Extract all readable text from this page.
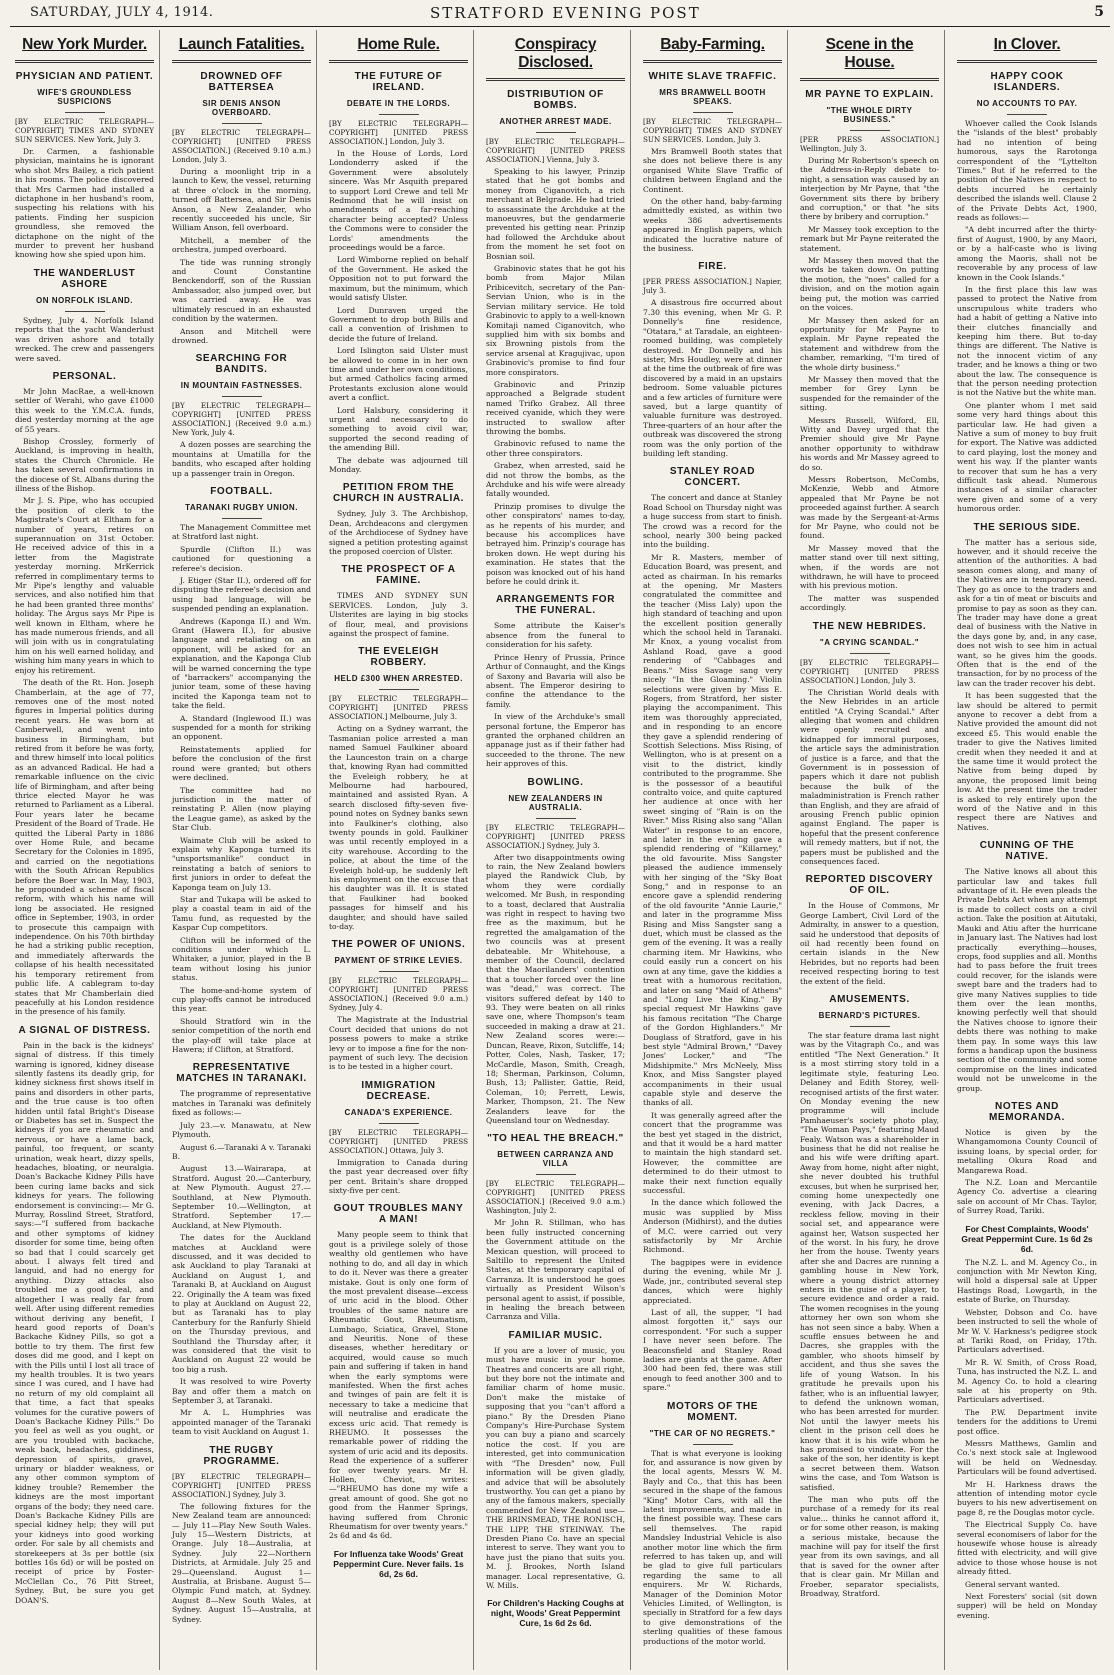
SATURDAY, JULY 4, 1914.	STRATFORD EVENING POST	5
New York Murder.
PHYSICIAN AND PATIENT.
WIFE'S GROUNDLESS SUSPICIONS
[BY ELECTRIC TELEGRAPH—COPYRIGHT] TIMES AND SYDNEY SUN SERVICES. New York, July 3.
Dr. Carmen, a fashionable physician, maintains he is ignorant who shot Mrs Bailey, a rich patient in his rooms. The police discovered that Mrs Carmen had installed a dictaphone in her husband's room, suspecting his relations with his patients. Finding her suspicion groundless, she removed the dictaphone on the night of the murder to prevent her husband knowing how she spied upon him.
THE WANDERLUST ASHORE
ON NORFOLK ISLAND.
Sydney, July 4. Norfolk Island reports that the yacht Wanderlust was driven ashore and totally wrecked. The crew and passengers were saved.
PERSONAL.
Mr John MacRae, a well-known settler of Werahi, who gave £1000 this week to the Y.M.C.A. funds, died yesterday morning at the age of 55 years.
Bishop Crossley, formerly of Auckland, is improving in health, states the Church Chronicle. He has taken several confirmations in the diocese of St. Albans during the illness of the Bishop.
Mr J. S. Pipe, who has occupied the position of clerk to the Magistrate's Court at Eltham for a number of years, retires on superannuation on 31st October. He received advice of this in a letter from the Magistrate yesterday morning. MrKerrick referred in complimentary terms to Mr Pipe's lengthy and valuable services, and also notified him that he had been granted three months' holiday. The Argus says Mr Pipe is well known in Eltham, where he has made numerous friends, and all will join with us in congratulating him on his well earned holiday, and wishing him many years in which to enjoy his retirement.
The death of the Rt. Hon. Joseph Chamberlain, at the age of 77, removes one of the most noted figures in Imperial politics during recent years. He was born at Camberwell, and went into business in Birmingham, but retired from it before he was forty, and threw himself into local politics as an advanced Radical. He had a remarkable influence on the civic life of Birmingham, and after being thrice elected Mayor he was returned to Parliament as a Liberal. Four years later he became President of the Board of Trade. He quitted the Liberal Party in 1886 over Home Rule, and became Secretary for the Colonies in 1895, and carried on the negotiations with the South African Republics before the Boer war. In May, 1903, he propounded a scheme of fiscal reform, with which his name will long be associated. He resigned office in September, 1903, in order to prosecute this campaign with independence. On his 70th birthday he had a striking public reception, and immediately afterwards the collapse of his health necessitated his temporary retirement from public life. A cablegram to-day states that Mr Chamberlain died peacefully at his London residence in the presence of his family.
A SIGNAL OF DISTRESS.
Pain in the back is the kidneys' signal of distress. If this timely warning is ignored, kidney disease silently fastens its deadly grip, for kidney sickness first shows itself in pains and disorders in other parts, and the true cause is too often hidden until fatal Bright's Disease or Diabetes has set in. Suspect the kidneys if you are rheumatic and nervous, or have a lame back, painful, too frequent, or scanty urination, weak heart, dizzy spells, headaches, bloating, or neuralgia. Doan's Backache Kidney Pills have been curing lame backs and sick kidneys for years. The following endorsement is convincing:— Mr G. Murray, Rosslind Street, Stratford, says:—"I suffered from backache and other symptoms of kidney disorder for some time, being often so bad that I could scarcely get about. I always felt tired and languid, and had no energy for anything. Dizzy attacks also troubled me a good deal, and altogether I was really far from well. After using different remedies without deriving any benefit, I heard good reports of Doan's Backache Kidney Pills, so got a bottle to try them. The first few doses did me good, and I kept on with the Pills until I lost all trace of my health troubles. It is two years since I was cured, and I have had no return of my old complaint all that time, a fact that speaks volumes for the curative powers of Doan's Backache Kidney Pills." Do you feel as well as you ought, or are you troubled with backache, weak back, headaches, giddiness, depression of spirits, gravel, urinary or bladder weakness, or any other common symptom of kidney trouble? Remember the kidneys are the most important organs of the body; they need care. Doan's Backache Kidney Pills are special kidney help; they will put your kidneys into good working order. For sale by all chemists and storekeepers at 3s per bottle (six bottles 16s 6d) or will be posted on receipt of price by Foster-McClellan Co., 76 Pitt Street, Sydney. But, be sure you get DOAN'S.
Launch Fatalities.
DROWNED OFF BATTERSEA
SIR DENIS ANSON OVERBOARD.
[BY ELECTRIC TELEGRAPH—COPYRIGHT] [UNITED PRESS ASSOCIATION.] (Received 9.10 a.m.) London, July 3.
During a moonlight trip in a launch to Kew, the vessel, returning at three o'clock in the morning, turned off Battersea, and Sir Denis Anson, a New Zealander, who recently succeeded his uncle, Sir William Anson, fell overboard.
Mitchell, a member of the orchestra, jumped overboard.
The tide was running strongly and Count Constantine Benckendorff, son of the Russian Ambassador, also jumped over, but was carried away. He was ultimately rescued in an exhausted condition by the watermen.
Anson and Mitchell were drowned.
SEARCHING FOR BANDITS.
IN MOUNTAIN FASTNESSES.
[BY ELECTRIC TELEGRAPH—COPYRIGHT] [UNITED PRESS ASSOCIATION.] (Received 9.0 a.m.) New York, July 4.
A dozen posses are searching the mountains at Umatilla for the bandits, who escaped after holding up a passenger train in Oregon.
FOOTBALL.
TARANAKI RUGBY UNION.
The Management Committee met at Stratford last night.
Spurdle (Clifton II.) was cautioned for questioning a referee's decision.
J. Etiger (Star II.), ordered off for disputing the referee's decision and using bad language, will be suspended pending an explanation.
Andrews (Kaponga II.) and Wm. Grant (Hawera II.), for abusive language and retaliating on an opponent, will be asked for an explanation, and the Kaponga Club will be warned concerning the type of "barrackers" accompanying the junior team, some of these having incited the Kaponga team not to take the field.
A. Standard (Inglewood II.) was suspended for a month for striking an opponent.
Reinstatements applied for before the conclusion of the first round were granted; but others were declined.
The committee had no jurisdiction in the matter of reinstating P. Allen (now playing the League game), as asked by the Star Club.
Waimate Club will be asked to explain why Kaponga turned its "unsportsmanlike" conduct in reinstating a batch of seniors to first juniors in order to defeat the Kaponga team on July 13.
Star and Tukapa will be asked to play a coastal team in aid of the Tamu fund, as requested by the Kaspar Cup competitors.
Clifton will be informed of the conditions under which L. Whitaker, a junior, played in the B team without losing his junior status.
The home-and-home system of cup play-offs cannot be introduced this year.
Should Stratford win in the senior competition of the north end the play-off will take place at Hawera; if Clifton, at Stratford.
REPRESENTATIVE MATCHES IN TARANAKI.
The programme of representative matches in Taranaki was definitely fixed as follows:—
July 23.—v. Manawatu, at New Plymouth.
August 6.—Taranaki A v. Taranaki B.
August 13.—Wairarapa, at Stratford. August 20.—Canterbury, at New Plymouth. August 27.—Southland, at New Plymouth. September 10.—Wellington, at Stratford. September 17.—Auckland, at New Plymouth.
The dates for the Auckland matches at Auckland were discussed, and it was decided to ask Auckland to play Taranaki at Auckland on August 1, and Taranaki B, at Auckland on August 22. Originally the A team was fixed to play at Auckland on August 22, but as Taranaki has to play Canterbury for the Ranfurly Shield on the Thursday previous, and Southland the Thursday after, it was considered that the visit to Auckland on August 22 would be too big a rush.
It was resolved to wire Poverty Bay and offer them a match on September 3, at Taranaki.
Mr A. L. Humphries was appointed manager of the Taranaki team to visit Auckland on August 1.
THE RUGBY PROGRAMME.
[BY ELECTRIC TELEGRAPH—COPYRIGHT] [UNITED PRESS ASSOCIATION.] Sydney, July 3.
The following fixtures for the New Zealand team are announced:— July 11—Play New South Wales. July 15—Western Districts, at Orange. July 18—Australia, at Sydney. July 22—Northern Districts, at Armidale. July 25 and 29—Queensland. August 1—Australia, at Brisbane. August 5—Olympic Fund match, at Sydney. August 8—New South Wales, at Sydney. August 15—Australia, at Sydney.
Home Rule.
THE FUTURE OF IRELAND.
DEBATE IN THE LORDS.
[BY ELECTRIC TELEGRAPH—COPYRIGHT] [UNITED PRESS ASSOCIATION.] London, July 3.
In the House of Lords, Lord Londonderry asked if the Government were absolutely sincere. Was Mr Asquith prepared to support Lord Crewe and tell Mr Redmond that he will insist on amendments of a far-reaching character being accepted? Unless the Commons were to consider the Lords' amendments the proceedings would be a farce.
Lord Wimborne replied on behalf of the Government. He asked the Opposition not to put forward the maximum, but the minimum, which would satisfy Ulster.
Lord Dunraven urged the Government to drop both Bills and call a convention of Irishmen to decide the future of Ireland.
Lord Islington said Ulster must be allowed to come in in her own time and under her own conditions, but armed Catholics facing armed Protestants exclusion alone would avert a conflict.
Lord Halsbury, considering it urgent and necessary to do something to avoid civil war, supported the second reading of the amending Bill.
The debate was adjourned till Monday.
PETITION FROM THE CHURCH IN AUSTRALIA.
Sydney, July 3. The Archbishop, Dean, Archdeacons and clergymen of the Archdiocese of Sydney have signed a petition protesting against the proposed coercion of Ulster.
THE PROSPECT OF A FAMINE.
TIMES AND SYDNEY SUN SERVICES. London, July 3. Ulsterites are laying in big stocks of flour, meal, and provisions against the prospect of famine.
THE EVELEIGH ROBBERY.
HELD £300 WHEN ARRESTED.
[BY ELECTRIC TELEGRAPH—COPYRIGHT] [UNITED PRESS ASSOCIATION.] Melbourne, July 3.
Acting on a Sydney warrant, the Tasmanian police arrested a man named Samuel Faulkiner aboard the Launceston train on a charge that, knowing Ryan had committed the Eveleigh robbery, he at Melbourne had harboured, maintained and assisted Ryan. A search disclosed fifty-seven five-pound notes on Sydney banks sewn into Faulkiner's clothing, also twenty pounds in gold. Faulkiner was until recently employed in a city warehouse. According to the police, at about the time of the Eveleigh hold-up, he suddenly left his employment on the excuse that his daughter was ill. It is stated that Faulkiner had booked passages for himself and his daughter, and should have sailed to-day.
THE POWER OF UNIONS.
PAYMENT OF STRIKE LEVIES.
[BY ELECTRIC TELEGRAPH—COPYRIGHT] [UNITED PRESS ASSOCIATION.] (Received 9.0 a.m.) Sydney, July 4.
The Magistrate at the Industrial Court decided that unions do not possess powers to make a strike levy or to impose a fine for the non-payment of such levy. The decision is to be tested in a higher court.
IMMIGRATION DECREASE.
CANADA'S EXPERIENCE.
[BY ELECTRIC TELEGRAPH—COPYRIGHT] [UNITED PRESS ASSOCIATION.] Ottawa, July 3.
Immigration to Canada during the past year decreased over fifty per cent. Britain's share dropped sixty-five per cent.
GOUT TROUBLES MANY A MAN!
Many people seem to think that gout is a privilege solely of those wealthy old gentlemen who have nothing to do, and all day in which to do it. Never was there a greater mistake. Gout is only one form of the most prevalent disease—excess of uric acid in the blood. Other troubles of the same nature are Rheumatic Gout, Rheumatism, Lumbago, Sciatica, Gravel, Stone and Neuritis. None of these diseases, whether hereditary or acquired, would cause so much pain and suffering if taken in hand when the early symptoms were manifested. When the first aches and twinges of pain are felt it is necessary to take a medicine that will neutralise and eradicate the excess uric acid. That remedy is RHEUMO. It possesses the remarkable power of ridding the system of uric acid and its deposits. Read the experience of a sufferer for over twenty years. Mr H. Hollen, Cheviot, writes:—"RHEUMO has done my wife a great amount of good. She got no good from the Hanmer Springs, having suffered from Chronic Rheumatism for over twenty years." 2s 6d and 4s 6d.
For Influenza take Woods' Great Peppermint Cure. Never fails. 1s 6d, 2s 6d.
Conspiracy Disclosed.
DISTRIBUTION OF BOMBS.
ANOTHER ARREST MADE.
[BY ELECTRIC TELEGRAPH—COPYRIGHT] [UNITED PRESS ASSOCIATION.] Vienna, July 3.
Speaking to his lawyer, Prinzip stated that he got bombs and money from Ciganovitch, a rich merchant at Belgrade. He had tried to assassinate the Archduke at the manoeuvres, but the gendarmerie prevented his getting near. Prinzip had followed the Archduke about from the moment he set foot on Bosnian soil.
Grabinovic states that he got his bomb from Major Milan Pribicevitch, secretary of the Pan-Servian Union, who is in the Servian military service. He told Grabinovic to apply to a well-known Komitaji named Ciganovitch, who supplied him with six bombs and six Browning pistols from the service arsenal at Kragujivac, upon Grabinovic's promise to find four more conspirators.
Grabinovic and Prinzip approached a Belgrade student named Trifko Grabez. All three received cyanide, which they were instructed to swallow after throwing the bombs.
Grabinovic refused to name the other three conspirators.
Grabez, when arrested, said he did not throw the bombs, as the Archduke and his wife were already fatally wounded.
Prinzip promises to divulge the other conspirators' names to-day, as he repents of his murder, and because his accomplices have betrayed him. Prinzip's courage has broken down. He wept during his examination. He states that the poison was knocked out of his hand before he could drink it.
ARRANGEMENTS FOR THE FUNERAL.
Some attribute the Kaiser's absence from the funeral to consideration for his safety.
Prince Henry of Prussia, Prince Arthur of Connaught, and the Kings of Saxony and Bavaria will also be absent. The Emperor desiring to confine the attendance to the family.
In view of the Archduke's small personal fortune, the Emperor has granted the orphaned children an appanage just as if their father had succeeded to the throne. The new heir approves of this.
BOWLING.
NEW ZEALANDERS IN AUSTRALIA.
[BY ELECTRIC TELEGRAPH—COPYRIGHT] [UNITED PRESS ASSOCIATION.] Sydney, July 3.
After two disappointments owing to rain, the New Zealand bowlers played the Randwick Club, by whom they were cordially welcomed. Mr Bush, in responding to a toast, declared that Australia was right in respect to having two free as the maximum, but he regretted the amalgamation of the two councils was at present debateable. Mr Whitehouse, a member of the Council, declared that the Maorilanders' contention that a toucher forced over the line was "dead," was correct. The visitors suffered defeat by 140 to 93. They were beaten on all rinks save one, where Thompson's team succeeded in making a draw at 21. New Zealand scores were:—Duncan, Reave, Rixon, Sutcliffe, 14; Potter, Coles, Nash, Tasker, 17; McCardle, Mason, Smith, Creagh, 18; Sherman, Parkinson, Column, Bush, 13; Pallister, Gattie, Reid, Coleman, 10; Perrett, Lewis, Marker, Thompson, 21. The New Zealanders leave for the Queensland tour on Wednesday.
"TO HEAL THE BREACH."
BETWEEN CARRANZA AND VILLA
[BY ELECTRIC TELEGRAPH—COPYRIGHT] [UNITED PRESS ASSOCIATION.] (Received 9.0 a.m.) Washington, July 2.
Mr John R. Stillman, who has been fully instructed concerning the Government attitude on the Mexican question, will proceed to Saltillo to represent the United States, at the temporary capital of Carranza. It is understood he goes virtually as President Wilson's personal agent to assist, if possible, in healing the breach between Carranza and Villa.
FAMILIAR MUSIC.
If you are a lover of music, you must have music in your home. Theatres and concerts are all right, but they bore not the intimate and familiar charm of home music. Don't make the mistake of supposing that you "can't afford a piano." By the Dresden Piano Company's Hire-Purchase System you can buy a piano and scarcely notice the cost. If you are interested, get into communication with "The Dresden" now, Full information will be given gladly, and advice that will be absolutely trustworthy. You can get a piano by any of the famous makers, specially commended for New Zealand use—THE BRINSMEAD, THE RONISCH, THE LIPP, THE STEINWAY. The Dresden Piano Co. have an special interest to serve. They want you to have just the piano that suits you. M. J. Brookes, North Island manager. Local representative, G. W. Mills.
For Children's Hacking Coughs at night, Woods' Great Peppermint Cure, 1s 6d 2s 6d.
Baby-Farming.
WHITE SLAVE TRAFFIC.
MRS BRAMWELL BOOTH SPEAKS.
[BY ELECTRIC TELEGRAPH—COPYRIGHT] TIMES AND SYDNEY SUN SERVICES. London, July 3.
Mrs Bramwell Booth states that she does not believe there is any organised White Slave Traffic of children between England and the Continent.
On the other hand, baby-farming admittedly existed, as within two weeks 386 advertisements appeared in English papers, which indicated the lucrative nature of the business.
FIRE.
[PER PRESS ASSOCIATION.] Napier, July 3.
A disastrous fire occurred about 7.30 this evening, when Mr G. P. Donnelly's fine residence, "Otatara," at Taradale, an eighteen-roomed building, was completely destroyed. Mr Donnelly and his sister, Mrs Houdley, were at dinner at the time the outbreak of fire was discovered by a maid in an upstairs bedroom. Some valuable pictures and a few articles of furniture were saved, but a large quantity of valuable furniture was destroyed. Three-quarters of an hour after the outbreak was discovered the strong room was the only portion of the building left standing.
STANLEY ROAD CONCERT.
The concert and dance at Stanley Road School on Thursday night was a huge success from start to finish. The crowd was a record for the school, nearly 300 being packed into the building.
Mr R. Masters, member of Education Board, was present, and acted as chairman. In his remarks at the opening, Mr Masters congratulated the committee and the teacher (Miss Laly) upon the high standard of teaching and upon the excellent position generally which the school held in Taranaki. Mr Knox, a young vocalist from Ashland Road, gave a good rendering of "Cabbages and Beans." Miss Savage sang very nicely "In the Gloaming." Violin selections were given by Miss E. Rogers, from Stratford, her sister playing the accompaniment. This item was thoroughly appreciated, and in responding to an encore they gave a splendid rendering of Scottish Selections. Miss Rising, of Wellington, who is at present on a visit to the district, kindly contributed to the programme. She is the possessor of a beautiful contralto voice, and quite captured her audience at once with her sweet singing of "Rain is on the River." Miss Rising also sang "Allan Water" in response to an encore, and later in the evening gave a splendid rendering of "Killarney," the old favourite. Miss Sangster pleased the audience immensely with her singing of the "Sky Boat Song," and in response to an encore gave a splendid rendering of the old favourite "Annie Laurie," and later in the programme Miss Rising and Miss Sangster sang a duet, which must be classed as the gem of the evening. It was a really charming item. Mr Hawkins, who could easily run a concert on his own at any time, gave the kiddies a treat with a humorous recitation, and later on sang "Maid of Athens" and "Long Live the King." By special request Mr Hawkins gave his famous recitation "The Charge of the Gordon Highlanders." Mr Douglass of Stratford, gave in his best style "Admiral Brown," "Davey Jones' Locker," and "The Midshipmite." Mrs McNeely, Miss Knox, and Miss Sangster played accompaniments in their usual capable style and deserve the thanks of all.
It was generally agreed after the concert that the programme was the best yet staged in the district, and that it would be a hard matter to maintain the high standard set. However, the committee are determined to do their utmost to make their next function equally successful.
In the dance which followed the music was supplied by Miss Anderson (Midhirst), and the duties of M.C. were carried out very satisfactorily by Mr Archie Richmond.
The bagpipes were in evidence during the evening, while Mr J. Wade, jnr., contributed several step dances, which were highly appreciated.
Last of all, the supper, "I had almost forgotten it," says our correspondent. "For such a supper I have never seen before. The Beaconsfield and Stanley Road ladies are giants at the game. After 300 had been fed, there was still enough to feed another 300 and to spare."
MOTORS OF THE MOMENT.
"THE CAR OF NO REGRETS."
That is what everyone is looking for, and assurance is now given by the local agents, Messrs W. M. Bayly and Co., that this has been secured in the shape of the famous "King" Motor Cars, with all the latest improvements, and made in the finest possible way. These cars sell themselves. The rapid Mandsley Industrial Vehicle is also another motor line which the firm referred to has taken up, and will be glad to give full particulars regarding the same to all enquirers. Mr W. Richards, Manager of the Dominion Motor Vehicles Limited, of Wellington, is specially in Stratford for a few days to give demonstrations of the sterling qualities of these famous productions of the motor world.
Scene in the House.
MR PAYNE TO EXPLAIN.
"THE WHOLE DIRTY BUSINESS."
[PER PRESS ASSOCIATION.] Wellington, July 3.
During Mr Robertson's speech on the Address-in-Reply debate to-night, a sensation was caused by an interjection by Mr Payne, that "the Government sits there by bribery and corruption," or that "he sits there by bribery and corruption."
Mr Massey took exception to the remark but Mr Payne reiterated the statement.
Mr Massey then moved that the words be taken down. On putting the motion, the "noes" called for a division, and on the motion again being put, the motion was carried on the voices.
Mr Massey then asked for an opportunity for Mr Payne to explain. Mr Payne repeated the statement and withdrew from the chamber, remarking, "I'm tired of the whole dirty business."
Mr Massey then moved that the member for Grey Lynn be suspended for the remainder of the sitting.
Messrs Russell, Wilford, Ell, Witty and Davey urged that the Premier should give Mr Payne another opportunity to withdraw his words and Mr Massey agreed to do so.
Messrs Robertson, McCombs, McKenzie, Webb and Atmore appealed that Mr Payne be not proceeded against further. A search was made by the Sergeant-at-Arms for Mr Payne, who could not be found.
Mr Massey moved that the matter stand over till next sitting, when, if the words are not withdrawn, he will have to proceed with his previous motion.
The matter was suspended accordingly.
THE NEW HEBRIDES.
"A CRYING SCANDAL."
[BY ELECTRIC TELEGRAPH—COPYRIGHT] [UNITED PRESS ASSOCIATION.] London, July 3.
The Christian World deals with the New Hebrides in an article entitled "A Crying Scandal." After alleging that women and children were openly recruited and kidnapped for immoral purposes, the article says the administration of justice is a farce, and that the Government is in possession of papers which it dare not publish because the bulk of the maladministration is French rather than English, and they are afraid of arousing French public opinion against England. The paper is hopeful that the present conference will remedy matters, but if not, the papers must be published and the consequences faced.
REPORTED DISCOVERY OF OIL.
In the House of Commons, Mr George Lambert, Civil Lord of the Admiralty, in answer to a question, said he understood that deposits of oil had recently been found on certain islands in the New Hebrides, but no reports had been received respecting boring to test the extent of the field.
AMUSEMENTS.
BERNARD'S PICTURES.
The star feature drama last night was by the Vitagraph Co., and was entitled "The Next Generation." It is a most stirring story told in a legitimate style, featuring Leo. Delaney and Edith Storey, well-recognised artists of the first water. On Monday evening the new programme will include Pamhaeuser's society photo play, "The Woman Pays," featuring Maud Fealy. Watson was a shareholder in business that he did not realise he and his wife were drifting apart. Away from home, night after night, she never doubted his truthful excuses, but when he surprised her, coming home unexpectedly one evening, with Jack Dacres, a reckless fellow, moving in their social set, and appearance were against her, Watson suspected her of the worst. In his fury, he drove her from the house. Twenty years after she and Dacres are running a gambling house in New York, where a young district attorney enters in the guise of a player, to secure evidence and order a raid. The women recognises in the young attorney her own son whom she has not seen since a baby. When a scuffle ensues between he and Dacres, she grapples with the gambler, who shoots himself by accident, and thus she saves the life of young Watson. In his gratitude he prevails upon his father, who is an influential lawyer, to defend the unknown woman, who has been arrested for murder. Not until the lawyer meets his client in the prison cell does he know that it is his wife whom he has promised to vindicate. For the sake of the son, her identity is kept a secret between them. Watson wins the case, and Tom Watson is satisfied.
The man who puts off the purchase of a remedy for its real value... thinks he cannot afford it, or for some other reason, is making a serious mistake, because the machine will pay for itself the first year from its own savings, and all that is saved for the owner after that is clear gain. Mr Millan and Froeber, separator specialists, Broadway, Stratford.
In Clover.
HAPPY COOK ISLANDERS.
NO ACCOUNTS TO PAY.
Whoever called the Cook Islands the "islands of the blest" probably had no intention of being humorous, says the Rarotonga correspondent of the "Lyttelton Times." But if he referred to the position of the Natives in respect to debts incurred he certainly described the islands well. Clause 2 of the Private Debts Act, 1900, reads as follows:—
"A debt incurred after the thirty-first of August, 1900, by any Maori, or by a half-caste who is living among the Maoris, shall not be recoverable by any process of law known in the Cook Islands."
In the first place this law was passed to protect the Native from unscrupulous white traders who had a habit of getting a Native into their clutches financially and keeping him there. But to-day things are different. The Native is not the innocent victim of any trader, and he knows a thing or two about the law. The consequence is that the person needing protection is not the Native but the white man.
One planter whom I met said some very hard things about this particular law. He had given a Native a sum of money to buy fruit for export. The Native was addicted to card playing, lost the money and went his way. If the planter wants to recover that sum he has a very difficult task ahead. Numerous instances of a similar character were given and some of a very humorous order.
THE SERIOUS SIDE.
The matter has a serious side, however, and it should receive the attention of the authorities. A bad season comes along, and many of the Natives are in temporary need. They go as once to the traders and ask for a tin of meat or biscuits and promise to pay as soon as they can. The trader may have done a great deal of business with the Native in the days gone by, and, in any case, does not wish to see him in actual want, so he gives him the goods. Often that is the end of the transaction, for by no process of the law can the trader recover his debt.
It has been suggested that the law should be altered to permit anyone to recover a debt from a Native provided the amount did not exceed £5. This would enable the trader to give the Natives limited credit when they needed it and at the same time it would protect the Native from being duped by anyone, the proposed limit being low. At the present time the trader is asked to rely entirely upon the word of the Native and in this respect there are Natives and Natives.
CUNNING OF THE NATIVE.
The Native knows all about this particular law and takes full advantage of it. He even pleads the Private Debts Act when any attempt is made to collect costs on a civil action. Take the position at Aitutaki, Mauki and Atiu after the hurricane in January last. The Natives had lost practically everything—houses, crops, food supplies and all. Months had to pass before the fruit trees could recover, for the islands were swept bare and the traders had to give many Natives supplies to tide them over the lean months, knowing perfectly well that should the Natives choose to ignore their debts there was nothing to make them pay. In some ways this law forms a handicap upon the business section of the community and some compromise on the lines indicated would not be unwelcome in the group.
NOTES AND MEMORANDA.
Notice is given by the Whangamomona County Council of issuing loans, by special order, for metalling Okura Road and Mangarewa Road.
The N.Z. Loan and Mercantile Agency Co. advertise a clearing sale on account of Mr Chas. Taylor, of Surrey Road, Tariki.
For Chest Complaints, Woods' Great Peppermint Cure. 1s 6d 2s 6d.
The N.Z. L. and M. Agency Co., in conjunction with Mr Newton King, will hold a dispersal sale at Upper Hastings Road, Lowgarth, in the estate of Burke, on Thursday.
Webster, Dobson and Co. have been instructed to sell the whole of Mr W. V. Harkness's pedigree stock at Tariki Road, on Friday, 17th. Particulars advertised.
Mr R. W. Smith, of Cross Road, Tuna, has instructed the N.Z. L. and M. Agency Co. to hold a clearing sale at his property on 9th. Particulars advertised.
The P.W. Department invite tenders for the additions to Uremi post office.
Messrs Matthews, Gamlin and Co.'s next stock sale at Inglewood will be held on Wednesday. Particulars will be found advertised.
Mr H. Harkness draws the attention of intending motor cycle buyers to his new advertisement on page 8, re the Douglas motor cycle.
The Electrical Supply Co. have several economisers of labor for the housewife whose house is already fitted with electricity, and will give advice to those whose house is not already fitted.
General servant wanted.
Next Foresters' social (sit down supper) will be held on Monday evening.
